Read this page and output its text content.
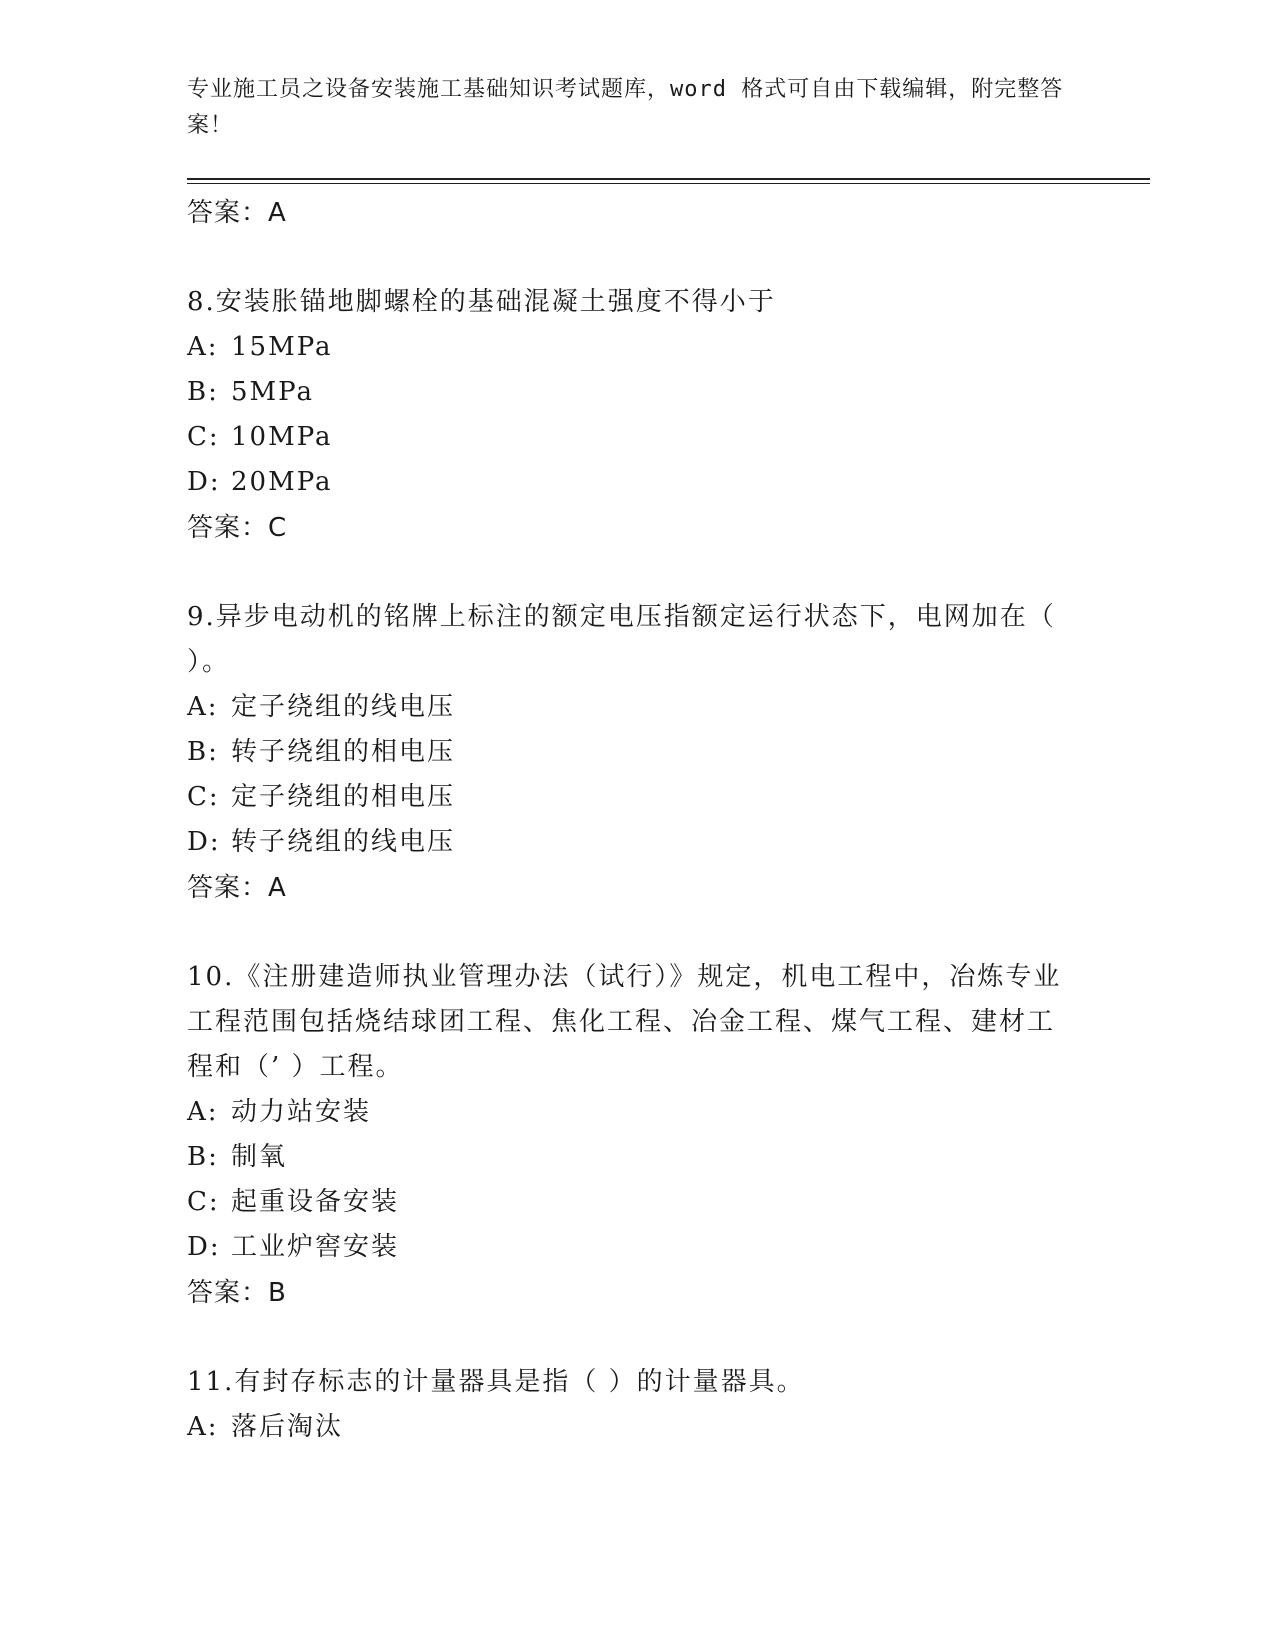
专业施工员之设备安装施工基础知识考试题库，word 格式可自由下载编辑，附完整答案！
答案：A
8.安装胀锚地脚螺栓的基础混凝土强度不得小于
A: 15MPa
B: 5MPa
C: 10MPa
D: 20MPa
答案：C
9.异步电动机的铭牌上标注的额定电压指额定运行状态下，电网加在（ ）。
A: 定子绕组的线电压
B: 转子绕组的相电压
C: 定子绕组的相电压
D: 转子绕组的线电压
答案：A
10.《注册建造师执业管理办法（试行）》规定，机电工程中，冶炼专业工程范围包括烧结球团工程、焦化工程、冶金工程、煤气工程、建材工程和（’ ）工程。
A: 动力站安装
B: 制氧
C: 起重设备安装
D: 工业炉窖安装
答案：B
11.有封存标志的计量器具是指（ ）的计量器具。
A: 落后淘汰
